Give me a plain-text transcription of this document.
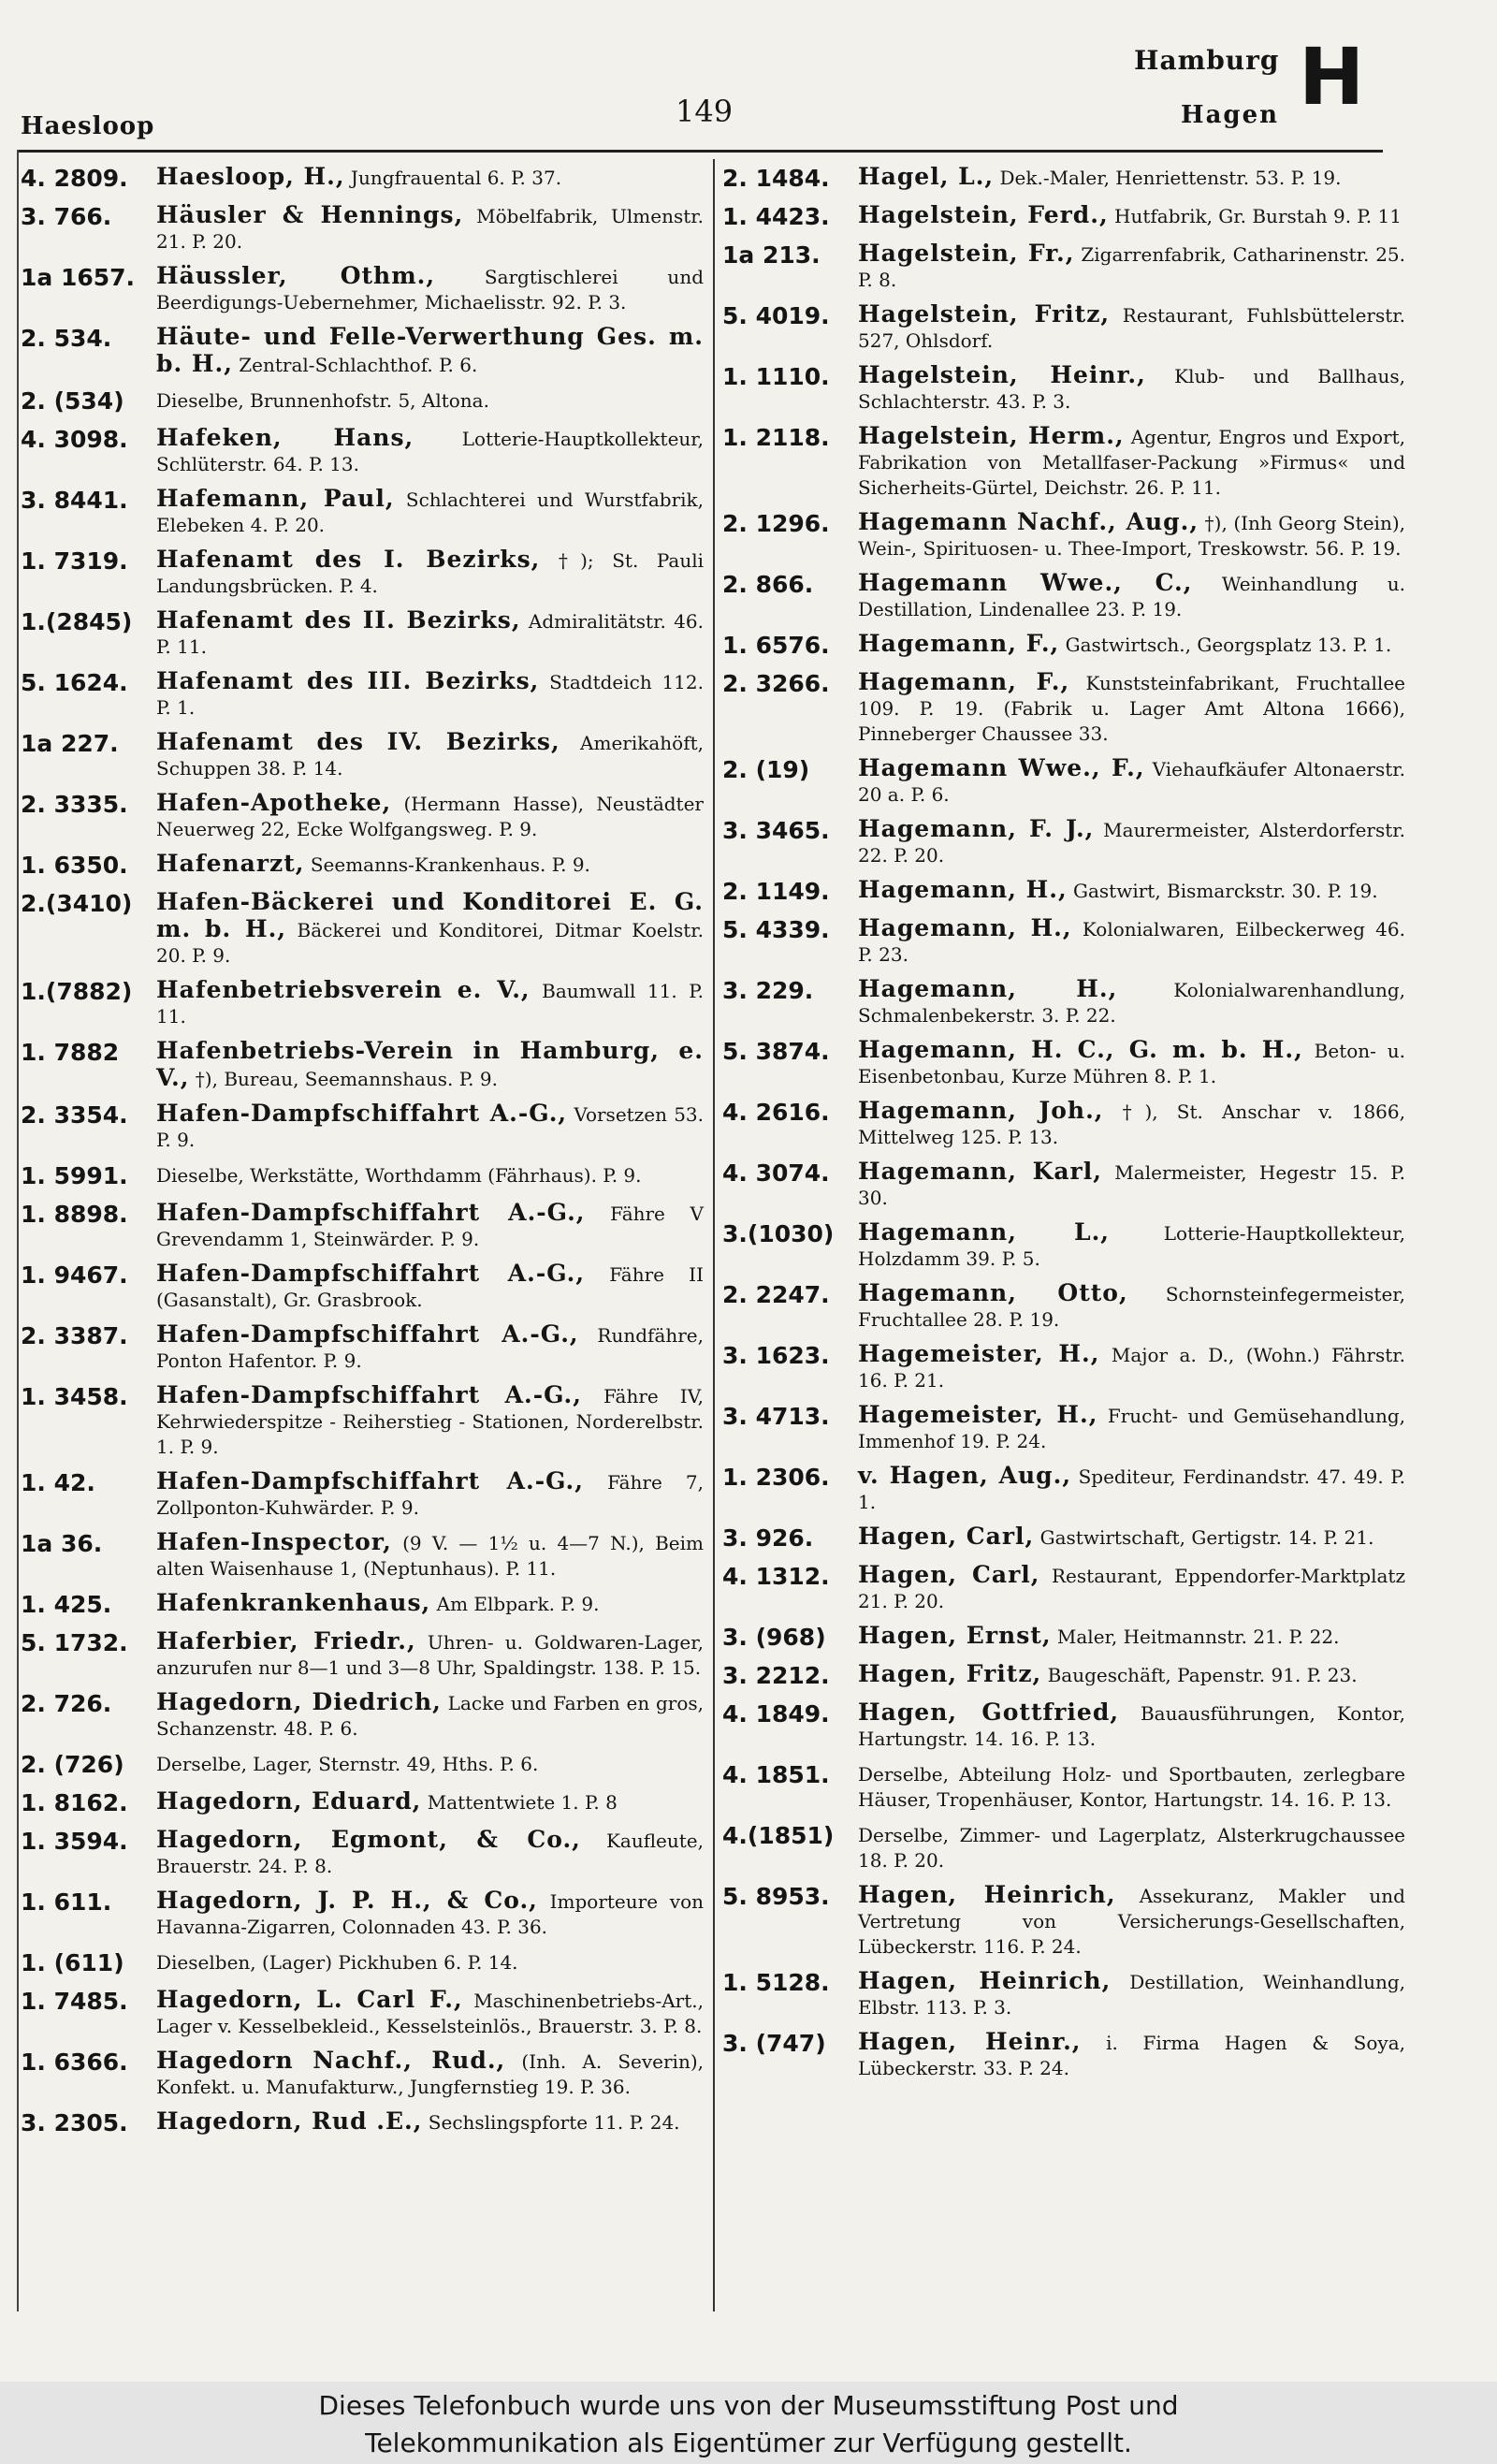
Haesloop	149
Hamburg
Hagen H
4. 2809.	Haesloop, H., Jungfrauental 6. P. 37.
3. 766.	Häusler & Hennings, Möbelfabrik, Ulmenstr. 21. P. 20.
1a 1657. Häussler, Othm., Sargtischlerei und Beerdigungs-Uebernehmer, Michaelisstr. 92. P. 3.
2. 534.	Häute- und Felle-Verwerthung Ges. m. b. H., Zentral-Schlachthof. P. 6.
2. (534)	Dieselbe, Brunnenhofstr. 5, Altona.
4. 3098.	Hafeken, Hans, Lotterie-Hauptkollekteur, Schlüterstr. 64. P. 13.
3. 8441.	Hafemann, Paul, Schlachterei und Wurstfabrik, Elebeken 4. P. 20.
1. 7319.	Hafenamt des I. Bezirks, †); St. Pauli Landungsbrücken. P. 4.
1.(2845)	Hafenamt des II. Bezirks, Admiralitätstr. 46. P. 11.
5. 1624.	Hafenamt des III. Bezirks, Stadtdeich 112. P. 1.
1a 227.	Hafenamt des IV. Bezirks, Amerikahöft, Schuppen 38. P. 14.
2. 3335.	Hafen-Apotheke, (Hermann Hasse), Neustädter Neuerweg 22, Ecke Wolfgangsweg. P. 9.
1. 6350.	Hafenarzt, Seemanns-Krankenhaus. P. 9.
2.(3410)	Hafen-Bäckerei und Konditorei E. G. m. b. H., Bäckerei und Konditorei, Ditmar Koelstr. 20. P. 9.
1.(7882)	Hafenbetriebsverein e. V., Baumwall 11. P. 11.
1. 7882	Hafenbetriebs-Verein in Hamburg, e. V., †), Bureau, Seemannshaus. P. 9.
2. 3354.	Hafen-Dampfschiffahrt A.-G., Vorsetzen 53. P. 9.
1. 5991.	Dieselbe, Werkstätte, Worthdamm (Fährhaus). P. 9.
1. 8898.	Hafen-Dampfschiffahrt A.-G., Fähre V Grevendamm 1, Steinwärder. P. 9.
1. 9467.	Hafen-Dampfschiffahrt A.-G., Fähre II (Gasanstalt), Gr. Grasbrook.
2. 3387.	Hafen-Dampfschiffahrt A.-G., Rundfähre, Ponton Hafentor. P. 9.
1. 3458.	Hafen-Dampfschiffahrt A.-G., Fähre IV, Kehrwiederspitze - Reiherstieg - Stationen, Norderelbstr. 1. P. 9.
1. 42.	Hafen-Dampfschiffahrt A.-G., Fähre 7, Zollponton-Kuhwärder. P. 9.
1a 36.	Hafen-Inspector, (9 V. — 1½ u. 4—7 N.), Beim alten Waisenhause 1, (Neptunhaus). P. 11.
1. 425.	Hafenkrankenhaus, Am Elbpark. P. 9.
5. 1732.	Haferbier, Friedr., Uhren- u. Goldwaren-Lager, anzurufen nur 8—1 und 3—8 Uhr, Spaldingstr. 138. P. 15.
2. 726.	Hagedorn, Diedrich, Lacke und Farben en gros, Schanzenstr. 48. P. 6.
2. (726)	Derselbe, Lager, Sternstr. 49, Hths. P. 6.
1. 8162.	Hagedorn, Eduard, Mattentwiete 1. P. 8
1. 3594.	Hagedorn, Egmont, & Co., Kaufleute, Brauerstr. 24. P. 8.
1. 611.	Hagedorn, J. P. H., & Co., Importeure von Havanna-Zigarren, Colonnaden 43. P. 36.
1. (611)	Dieselben, (Lager) Pickhuben 6. P. 14.
1. 7485.	Hagedorn, L. Carl F., Maschinenbetriebs-Art., Lager v. Kesselbekleid., Kesselsteinlös., Brauerstr. 3. P. 8.
1. 6366.	Hagedorn Nachf., Rud., (Inh. A. Severin), Konfekt. u. Manufakturw., Jungfernstieg 19. P. 36.
3. 2305.	Hagedorn, Rud .E., Sechslingspforte 11. P. 24.
2. 1484.	Hagel, L., Dek.-Maler, Henriettenstr. 53. P. 19.
1. 4423.	Hagelstein, Ferd., Hutfabrik, Gr. Burstah 9. P. 11
1a 213.	Hagelstein, Fr., Zigarrenfabrik, Catharinenstr. 25. P. 8.
5. 4019.	Hagelstein, Fritz, Restaurant, Fuhlsbüttelerstr. 527, Ohlsdorf.
1. 1110.	Hagelstein, Heinr., Klub- und Ballhaus, Schlachterstr. 43. P. 3.
1. 2118.	Hagelstein, Herm., Agentur, Engros und Export, Fabrikation von Metallfaser-Packung »Firmus« und Sicherheits-Gürtel, Deichstr. 26. P. 11.
2. 1296.	Hagemann Nachf., Aug., †), (Inh Georg Stein), Wein-, Spirituosen- u. Thee-Import, Treskowstr. 56. P. 19.
2. 866.	Hagemann Wwe., C., Weinhandlung u. Destillation, Lindenallee 23. P. 19.
1. 6576.	Hagemann, F., Gastwirtsch., Georgsplatz 13. P. 1.
2. 3266.	Hagemann, F., Kunststeinfabrikant, Fruchtallee 109. P. 19. (Fabrik u. Lager Amt Altona 1666), Pinneberger Chaussee 33.
2. (19)	Hagemann Wwe., F., Viehaufkäufer Altonaerstr. 20 a. P. 6.
3. 3465.	Hagemann, F. J., Maurermeister, Alsterdorferstr. 22. P. 20.
2. 1149.	Hagemann, H., Gastwirt, Bismarckstr. 30. P. 19.
5. 4339.	Hagemann, H., Kolonialwaren, Eilbeckerweg 46. P. 23.
3. 229.	Hagemann, H., Kolonialwarenhandlung, Schmalenbekerstr. 3. P. 22.
5. 3874.	Hagemann, H. C., G. m. b. H., Beton- u. Eisenbetonbau, Kurze Mühren 8. P. 1.
4. 2616.	Hagemann, Joh., †), St. Anschar v. 1866, Mittelweg 125. P. 13.
4. 3074.	Hagemann, Karl, Malermeister, Hegestr 15. P. 30.
3.(1030)	Hagemann, L., Lotterie-Hauptkollekteur, Holzdamm 39. P. 5.
2. 2247.	Hagemann, Otto, Schornsteinfegermeister, Fruchtallee 28. P. 19.
3. 1623.	Hagemeister, H., Major a. D., (Wohn.) Fährstr. 16. P. 21.
3. 4713.	Hagemeister, H., Frucht- und Gemüsehandlung, Immenhof 19. P. 24.
1. 2306.	v. Hagen, Aug., Spediteur, Ferdinandstr. 47. 49. P. 1.
3. 926.	Hagen, Carl, Gastwirtschaft, Gertigstr. 14. P. 21.
4. 1312.	Hagen, Carl, Restaurant, Eppendorfer-Marktplatz 21. P. 20.
3. (968)	Hagen, Ernst, Maler, Heitmannstr. 21. P. 22.
3. 2212.	Hagen, Fritz, Baugeschäft, Papenstr. 91. P. 23.
4. 1849.	Hagen, Gottfried, Bauausführungen, Kontor, Hartungstr. 14. 16. P. 13.
4. 1851.	Derselbe, Abteilung Holz- und Sportbauten, zerlegbare Häuser, Tropenhäuser, Kontor, Hartungstr. 14. 16. P. 13.
4.(1851)	Derselbe, Zimmer- und Lagerplatz, Alsterkrugchaussee 18. P. 20.
5. 8953.	Hagen, Heinrich, Assekuranz, Makler und Vertretung von Versicherungs-Gesellschaften, Lübeckerstr. 116. P. 24.
1. 5128.	Hagen, Heinrich, Destillation, Weinhandlung, Elbstr. 113. P. 3.
3. (747)	Hagen, Heinr., i. Firma Hagen & Soya, Lübeckerstr. 33. P. 24.
Dieses Telefonbuch wurde uns von der Museumsstiftung Post und
Telekommunikation als Eigentümer zur Verfügung gestellt.
